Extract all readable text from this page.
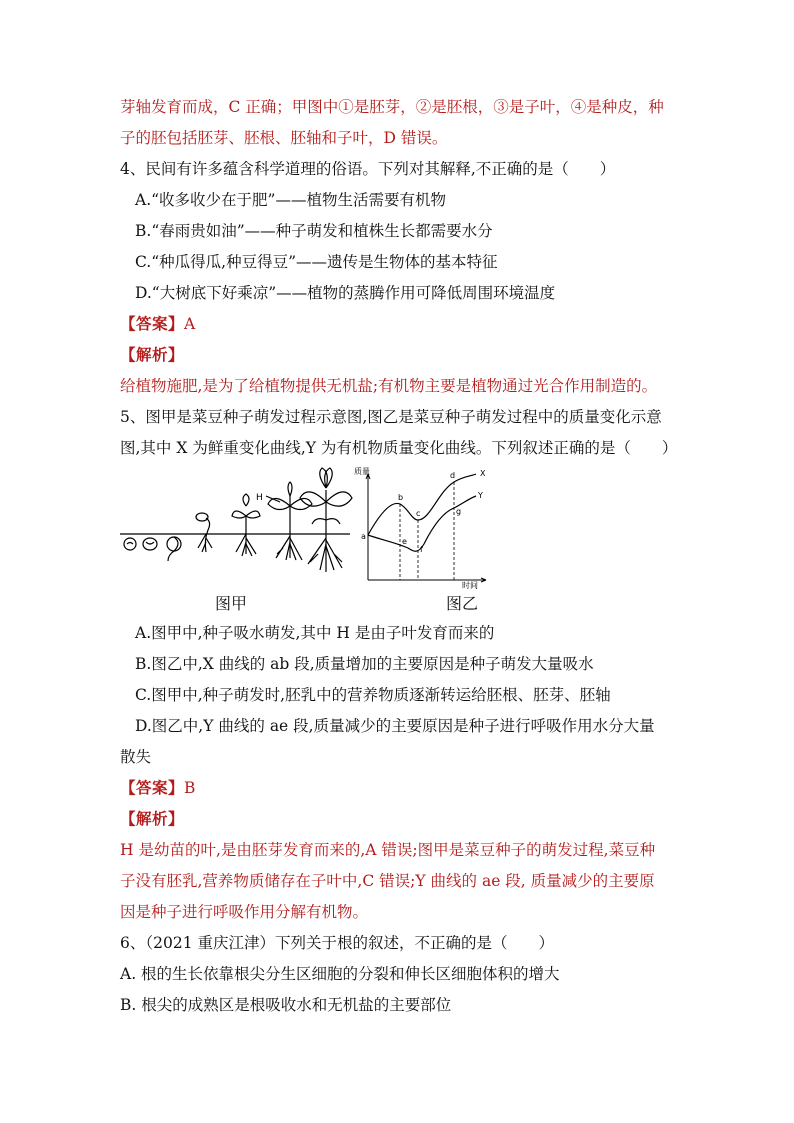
芽轴发育而成，C 正确；甲图中①是胚芽，②是胚根，③是子叶，④是种皮，种
子的胚包括胚芽、胚根、胚轴和子叶，D 错误。
4、民间有许多蕴含科学道理的俗语。下列对其解释,不正确的是（　　）
A.“收多收少在于肥”——植物生活需要有机物
B.“春雨贵如油”——种子萌发和植株生长都需要水分
C.“种瓜得瓜,种豆得豆”——遗传是生物体的基本特征
D.“大树底下好乘凉”——植物的蒸腾作用可降低周围环境温度
【答案】A
【解析】
给植物施肥,是为了给植物提供无机盐;有机物主要是植物通过光合作用制造的。
5、图甲是菜豆种子萌发过程示意图,图乙是菜豆种子萌发过程中的质量变化示意
图,其中 X 为鲜重变化曲线,Y 为有机物质量变化曲线。下列叙述正确的是（　　）
H
质量
时间
a
b
c
d
e
f
g
X
Y
图甲	图乙
A.图甲中,种子吸水萌发,其中 H 是由子叶发育而来的
B.图乙中,X 曲线的 ab 段,质量增加的主要原因是种子萌发大量吸水
C.图甲中,种子萌发时,胚乳中的营养物质逐渐转运给胚根、胚芽、胚轴
D.图乙中,Y 曲线的 ae 段,质量减少的主要原因是种子进行呼吸作用水分大量
散失
【答案】B
【解析】
H 是幼苗的叶,是由胚芽发育而来的,A 错误;图甲是菜豆种子的萌发过程,菜豆种
子没有胚乳,营养物质储存在子叶中,C 错误;Y 曲线的 ae 段, 质量减少的主要原
因是种子进行呼吸作用分解有机物。
6、（2021 重庆江津）下列关于根的叙述，不正确的是（　　）
A. 根的生长依靠根尖分生区细胞的分裂和伸长区细胞体积的增大
B. 根尖的成熟区是根吸收水和无机盐的主要部位
